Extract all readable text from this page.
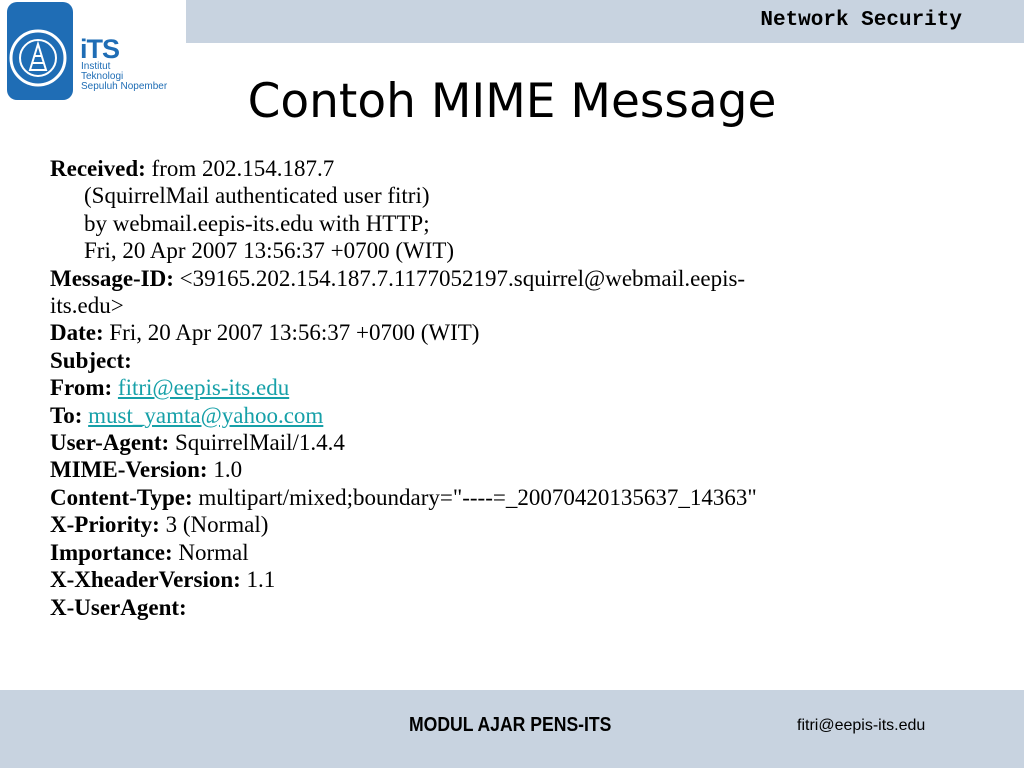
Network Security
iTS
Institut
Teknologi
Sepuluh Nopember	Contoh MIME Message
Received: from 202.154.187.7
(SquirrelMail authenticated user fitri)
by webmail.eepis-its.edu with HTTP;
Fri, 20 Apr 2007 13:56:37 +0700 (WIT)
Message-ID: <39165.202.154.187.7.1177052197.squirrel@webmail.eepis-
its.edu>
Date: Fri, 20 Apr 2007 13:56:37 +0700 (WIT)
Subject:
From: fitri@eepis-its.edu
To: must_yamta@yahoo.com
User-Agent: SquirrelMail/1.4.4
MIME-Version: 1.0
Content-Type: multipart/mixed;boundary="----=_20070420135637_14363"
X-Priority: 3 (Normal)
Importance: Normal
X-XheaderVersion: 1.1
X-UserAgent:
MODUL AJAR PENS-ITS	fitri@eepis-its.edu
